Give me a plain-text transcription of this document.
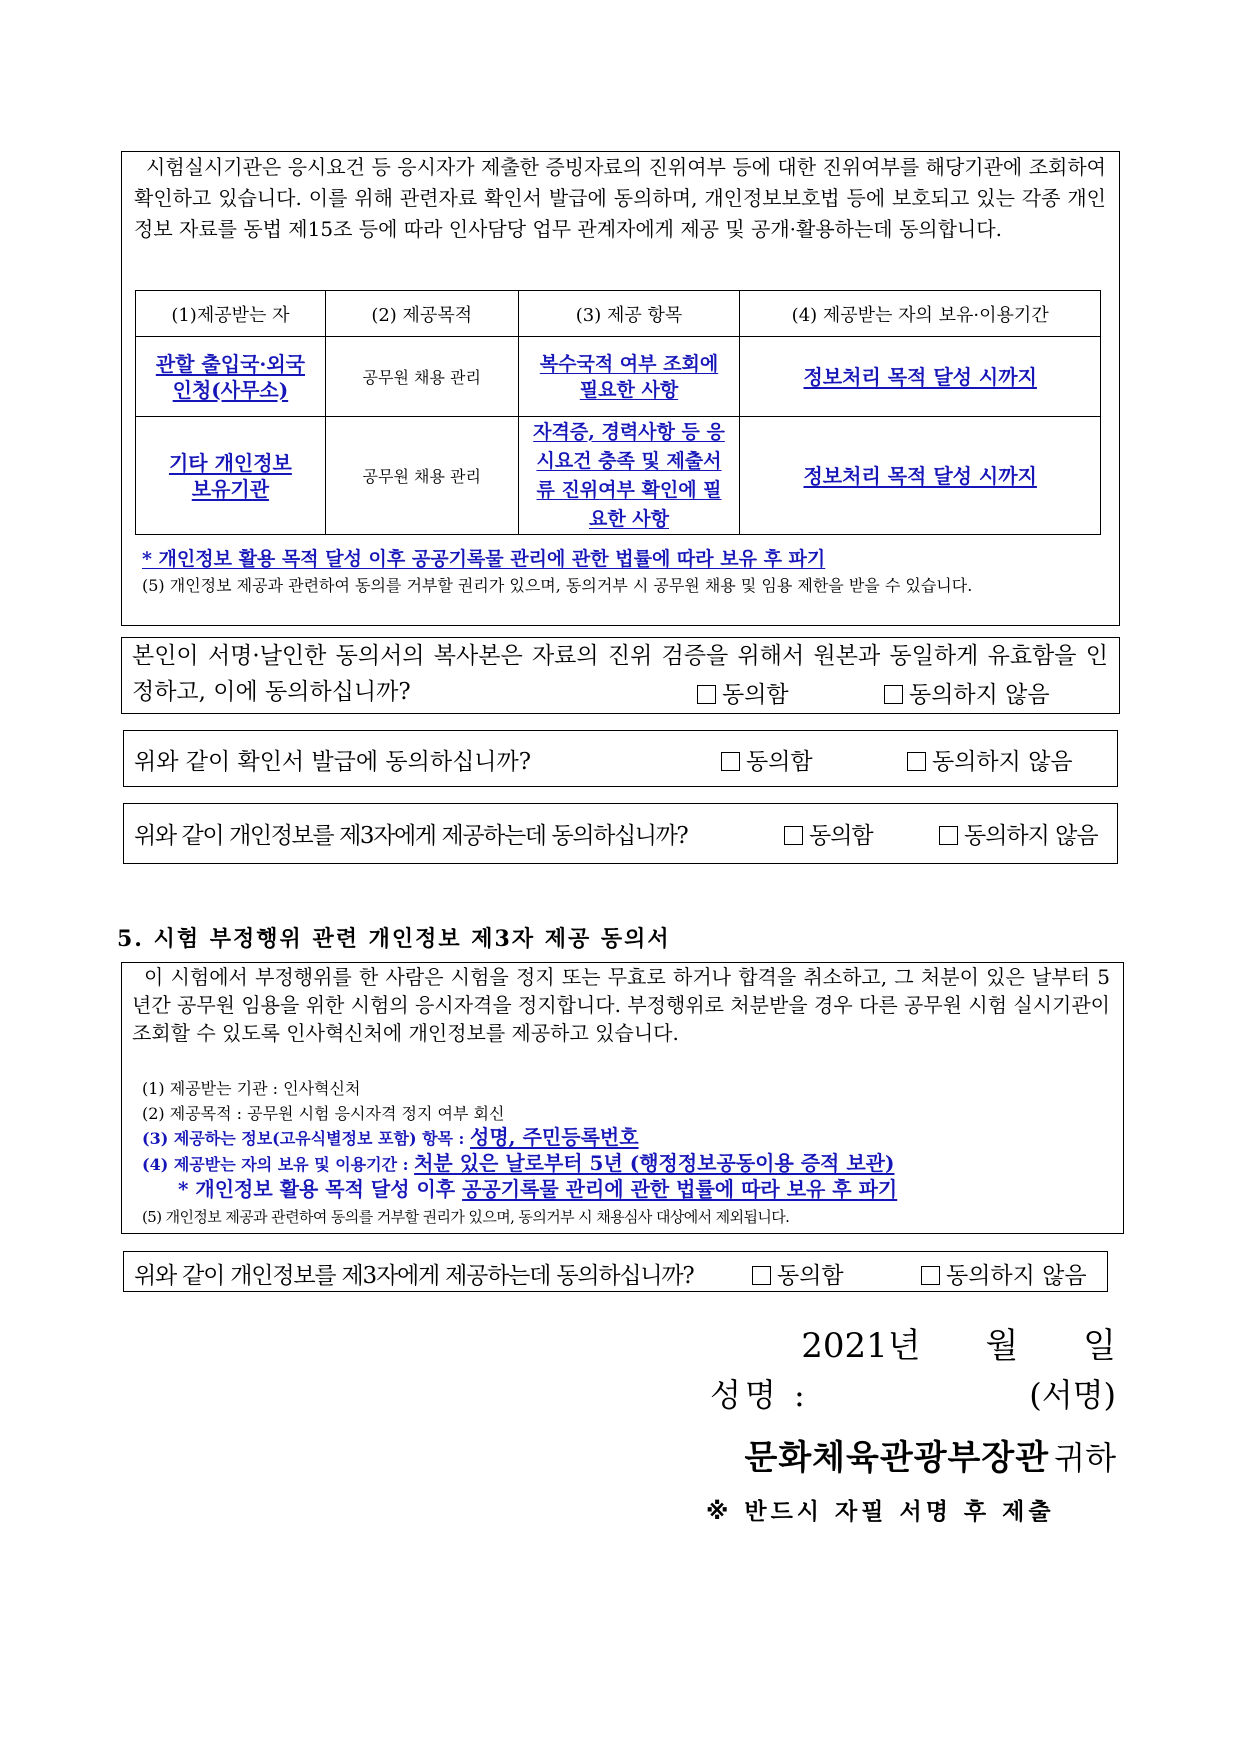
시험실시기관은 응시요건 등 응시자가 제출한 증빙자료의 진위여부 등에 대한 진위여부를 해당기관에 조회하여 확인하고 있습니다. 이를 위해 관련자료 확인서 발급에 동의하며, 개인정보보호법 등에 보호되고 있는 각종 개인정보 자료를 동법 제15조 등에 따라 인사담당 업무 관계자에게 제공 및 공개·활용하는데 동의합니다.
(1)제공받는 자	(2) 제공목적	(3) 제공 항목	(4) 제공받는 자의 보유·이용기간
관할 출입국·외국인청(사무소)	공무원 채용 관리	복수국적 여부 조회에 필요한 사항	정보처리 목적 달성 시까지
기타 개인정보 보유기관	공무원 채용 관리	자격증, 경력사항 등 응시요건 충족 및 제출서류 진위여부 확인에 필요한 사항	정보처리 목적 달성 시까지
* 개인정보 활용 목적 달성 이후 공공기록물 관리에 관한 법률에 따라 보유 후 파기
(5) 개인정보 제공과 관련하여 동의를 거부할 권리가 있으며, 동의거부 시 공무원 채용 및 임용 제한을 받을 수 있습니다.
본인이 서명·날인한 동의서의 복사본은 자료의 진위 검증을 위해서 원본과 동일하게 유효함을 인정하고, 이에 동의하십니까?	동의함	동의하지 않음
위와 같이 확인서 발급에 동의하십니까?	동의함	동의하지 않음
위와 같이 개인정보를 제3자에게 제공하는데 동의하십니까?	동의함	동의하지 않음
5. 시험 부정행위 관련 개인정보 제3자 제공 동의서
이 시험에서 부정행위를 한 사람은 시험을 정지 또는 무효로 하거나 합격을 취소하고, 그 처분이 있은 날부터 5년간 공무원 임용을 위한 시험의 응시자격을 정지합니다. 부정행위로 처분받을 경우 다른 공무원 시험 실시기관이 조회할 수 있도록 인사혁신처에 개인정보를 제공하고 있습니다.
(1) 제공받는 기관 : 인사혁신처
(2) 제공목적 : 공무원 시험 응시자격 정지 여부 회신
(3) 제공하는 정보(고유식별정보 포함) 항목 : 성명, 주민등록번호
(4) 제공받는 자의 보유 및 이용기간 : 처분 있은 날로부터 5년 (행정정보공동이용 증적 보관)
* 개인정보 활용 목적 달성 이후 공공기록물 관리에 관한 법률에 따라 보유 후 파기
(5) 개인정보 제공과 관련하여 동의를 거부할 권리가 있으며, 동의거부 시 채용심사 대상에서 제외됩니다.
위와 같이 개인정보를 제3자에게 제공하는데 동의하십니까?	동의함	동의하지 않음
2021년      월      일
성명 :	(서명)
문화체육관광부장관 귀하
※ 반드시 자필 서명 후 제출
